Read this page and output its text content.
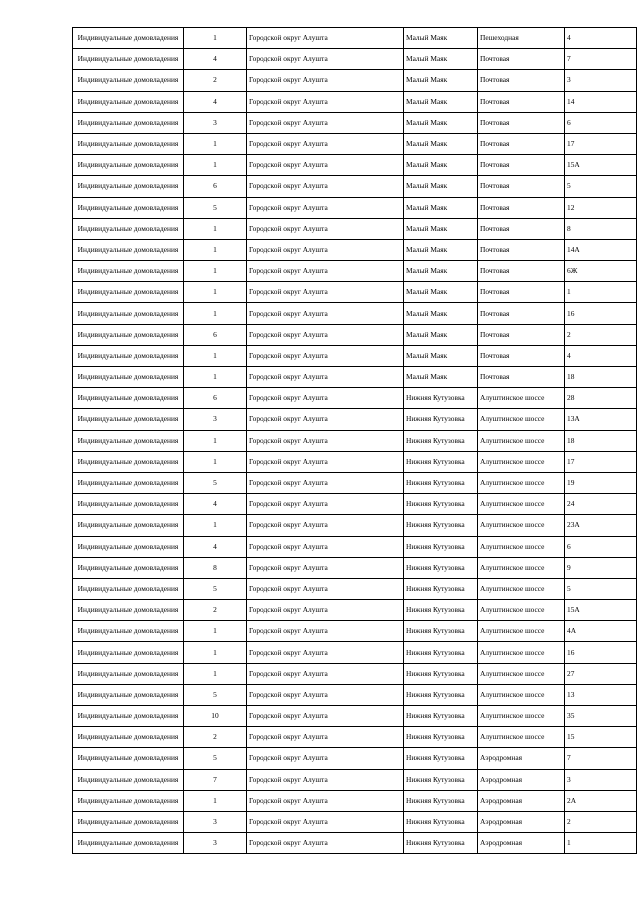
Индивидуальные домовладения	1	Городской округ Алушта	Малый Маяк	Пешеходная	4
Индивидуальные домовладения	4	Городской округ Алушта	Малый Маяк	Почтовая	7
Индивидуальные домовладения	2	Городской округ Алушта	Малый Маяк	Почтовая	3
Индивидуальные домовладения	4	Городской округ Алушта	Малый Маяк	Почтовая	14
Индивидуальные домовладения	3	Городской округ Алушта	Малый Маяк	Почтовая	6
Индивидуальные домовладения	1	Городской округ Алушта	Малый Маяк	Почтовая	17
Индивидуальные домовладения	1	Городской округ Алушта	Малый Маяк	Почтовая	15А
Индивидуальные домовладения	6	Городской округ Алушта	Малый Маяк	Почтовая	5
Индивидуальные домовладения	5	Городской округ Алушта	Малый Маяк	Почтовая	12
Индивидуальные домовладения	1	Городской округ Алушта	Малый Маяк	Почтовая	8
Индивидуальные домовладения	1	Городской округ Алушта	Малый Маяк	Почтовая	14А
Индивидуальные домовладения	1	Городской округ Алушта	Малый Маяк	Почтовая	6Ж
Индивидуальные домовладения	1	Городской округ Алушта	Малый Маяк	Почтовая	1
Индивидуальные домовладения	1	Городской округ Алушта	Малый Маяк	Почтовая	16
Индивидуальные домовладения	6	Городской округ Алушта	Малый Маяк	Почтовая	2
Индивидуальные домовладения	1	Городской округ Алушта	Малый Маяк	Почтовая	4
Индивидуальные домовладения	1	Городской округ Алушта	Малый Маяк	Почтовая	18
Индивидуальные домовладения	6	Городской округ Алушта	Нижняя Кутузовка	Алуштинское шоссе	28
Индивидуальные домовладения	3	Городской округ Алушта	Нижняя Кутузовка	Алуштинское шоссе	13А
Индивидуальные домовладения	1	Городской округ Алушта	Нижняя Кутузовка	Алуштинское шоссе	18
Индивидуальные домовладения	1	Городской округ Алушта	Нижняя Кутузовка	Алуштинское шоссе	17
Индивидуальные домовладения	5	Городской округ Алушта	Нижняя Кутузовка	Алуштинское шоссе	19
Индивидуальные домовладения	4	Городской округ Алушта	Нижняя Кутузовка	Алуштинское шоссе	24
Индивидуальные домовладения	1	Городской округ Алушта	Нижняя Кутузовка	Алуштинское шоссе	23А
Индивидуальные домовладения	4	Городской округ Алушта	Нижняя Кутузовка	Алуштинское шоссе	6
Индивидуальные домовладения	8	Городской округ Алушта	Нижняя Кутузовка	Алуштинское шоссе	9
Индивидуальные домовладения	5	Городской округ Алушта	Нижняя Кутузовка	Алуштинское шоссе	5
Индивидуальные домовладения	2	Городской округ Алушта	Нижняя Кутузовка	Алуштинское шоссе	15А
Индивидуальные домовладения	1	Городской округ Алушта	Нижняя Кутузовка	Алуштинское шоссе	4А
Индивидуальные домовладения	1	Городской округ Алушта	Нижняя Кутузовка	Алуштинское шоссе	16
Индивидуальные домовладения	1	Городской округ Алушта	Нижняя Кутузовка	Алуштинское шоссе	27
Индивидуальные домовладения	5	Городской округ Алушта	Нижняя Кутузовка	Алуштинское шоссе	13
Индивидуальные домовладения	10	Городской округ Алушта	Нижняя Кутузовка	Алуштинское шоссе	35
Индивидуальные домовладения	2	Городской округ Алушта	Нижняя Кутузовка	Алуштинское шоссе	15
Индивидуальные домовладения	5	Городской округ Алушта	Нижняя Кутузовка	Аэродромная	7
Индивидуальные домовладения	7	Городской округ Алушта	Нижняя Кутузовка	Аэродромная	3
Индивидуальные домовладения	1	Городской округ Алушта	Нижняя Кутузовка	Аэродромная	2А
Индивидуальные домовладения	3	Городской округ Алушта	Нижняя Кутузовка	Аэродромная	2
Индивидуальные домовладения	3	Городской округ Алушта	Нижняя Кутузовка	Аэродромная	1
